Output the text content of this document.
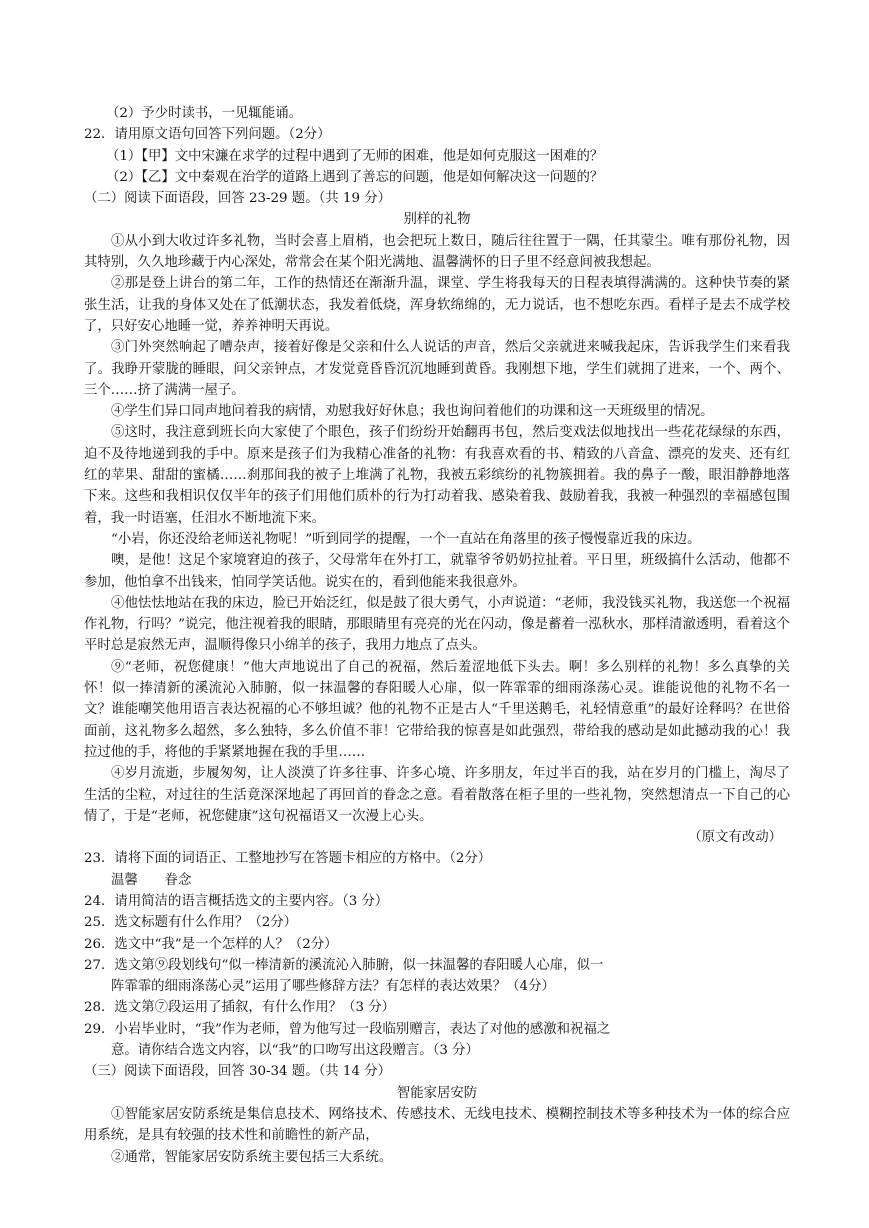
（2）予少时读书，一见辄能诵。
22．请用原文语句回答下列问题。（2分）
（1）【甲】文中宋濂在求学的过程中遇到了无师的困难，他是如何克服这一困难的？
（2）【乙】文中秦观在治学的道路上遇到了善忘的问题，他是如何解决这一问题的？
（二）阅读下面语段，回答 23-29 题。（共 19 分）
别样的礼物
①从小到大收过许多礼物，当时会喜上眉梢，也会把玩上数日，随后往往置于一隅，任其蒙尘。唯有那份礼物，因其特别，久久地珍藏于内心深处，常常会在某个阳光满地、温馨满怀的日子里不经意间被我想起。
②那是登上讲台的第二年，工作的热情还在渐渐升温，课堂、学生将我每天的日程表填得满满的。这种快节奏的紧张生活，让我的身体又处在了低潮状态，我发着低烧，浑身软绵绵的，无力说话，也不想吃东西。看样子是去不成学校了，只好安心地睡一觉，养养神明天再说。
③门外突然响起了嘈杂声，接着好像是父亲和什么人说话的声音，然后父亲就进来喊我起床，告诉我学生们来看我了。我睁开蒙胧的睡眼，问父亲钟点，才发觉竟昏昏沉沉地睡到黄昏。我刚想下地，学生们就拥了进来，一个、两个、三个……挤了满满一屋子。
④学生们异口同声地问着我的病情，劝慰我好好休息；我也询问着他们的功课和这一天班级里的情况。
⑤这时，我注意到班长向大家使了个眼色，孩子们纷纷开始翻再书包，然后变戏法似地找出一些花花绿绿的东西，迫不及待地递到我的手中。原来是孩子们为我精心准备的礼物：有我喜欢看的书、精致的八音盒、漂亮的发夹、还有红红的苹果、甜甜的蜜橘……刹那间我的被子上堆满了礼物，我被五彩缤纷的礼物簇拥着。我的鼻子一酸，眼泪静静地落下来。这些和我相识仅仅半年的孩子们用他们质朴的行为打动着我、感染着我、鼓励着我，我被一种强烈的幸福感包围着，我一时语塞，任泪水不断地流下来。
“小岩，你还没给老师送礼物呢！”听到同学的提醒，一个一直站在角落里的孩子慢慢靠近我的床边。
噢，是他！这足个家境窘迫的孩子，父母常年在外打工，就靠爷爷奶奶拉扯着。平日里，班级搞什么活动，他都不参加，他怕拿不出钱来，怕同学笑话他。说实在的，看到他能来我很意外。
④他怯怯地站在我的床边，脸已开始泛红，似是鼓了很大勇气，小声说道：“老师，我没钱买礼物，我送您一个祝福作礼物，行吗？”说完，他注视着我的眼睛，那眼睛里有亮亮的光在闪动，像是蓄着一泓秋水，那样清澈透明，看着这个平时总是寂然无声，温顺得像只小绵羊的孩子，我用力地点了点头。
⑨“老师，祝您健康！”他大声地说出了自己的祝福，然后羞涩地低下头去。啊！多么别样的礼物！多么真挚的关怀！似一捧清新的溪流沁入肺腑，似一抹温馨的春阳暖人心扉，似一阵霏霏的细雨涤荡心灵。谁能说他的礼物不名一文？谁能嘲笑他用语言表达祝福的心不够坦诚？他的礼物不正是古人“千里送鹅毛，礼轻情意重”的最好诠释吗？在世俗面前，这礼物多么超然，多么独特，多么价值不菲！它带给我的惊喜是如此强烈，带给我的感动是如此撼动我的心！我拉过他的手，将他的手紧紧地握在我的手里……
④岁月流逝，步履匆匆，让人淡漠了许多往事、许多心境、许多朋友，年过半百的我，站在岁月的门槛上，淘尽了生活的尘粒，对过往的生活竟深深地起了再回首的眷念之意。看着散落在柜子里的一些礼物，突然想清点一下自己的心情了，于是“老师，祝您健康”这句祝福语又一次漫上心头。
（原文有改动）
23．请将下面的词语正、工整地抄写在答题卡相应的方格中。（2分）
温馨　　眷念
24．请用简洁的语言概括选文的主要内容。（3 分）
25．选文标题有什么作用？（2分）
26．选文中“我”是一个怎样的人？（2分）
27．选文第⑨段划线句“似一棒清新的溪流沁入肺腑，似一抹温馨的春阳暖人心扉，似一
阵霏霏的细雨涤荡心灵”运用了哪些修辞方法？有怎样的表达效果？（4分）
28．选文第⑦段运用了插叙，有什么作用？（3 分）
29．小岩毕业时，“我”作为老师，曾为他写过一段临别赠言，表达了对他的感激和祝福之
意。请你结合选文内容，以“我”的口吻写出这段赠言。（3 分）
（三）阅读下面语段，回答 30-34 题。（共 14 分）
智能家居安防
①智能家居安防系统是集信息技术、网络技术、传感技术、无线电技术、模糊控制技术等多种技术为一体的综合应用系统，是具有较强的技术性和前瞻性的新产品，
②通常，智能家居安防系统主要包括三大系统。
